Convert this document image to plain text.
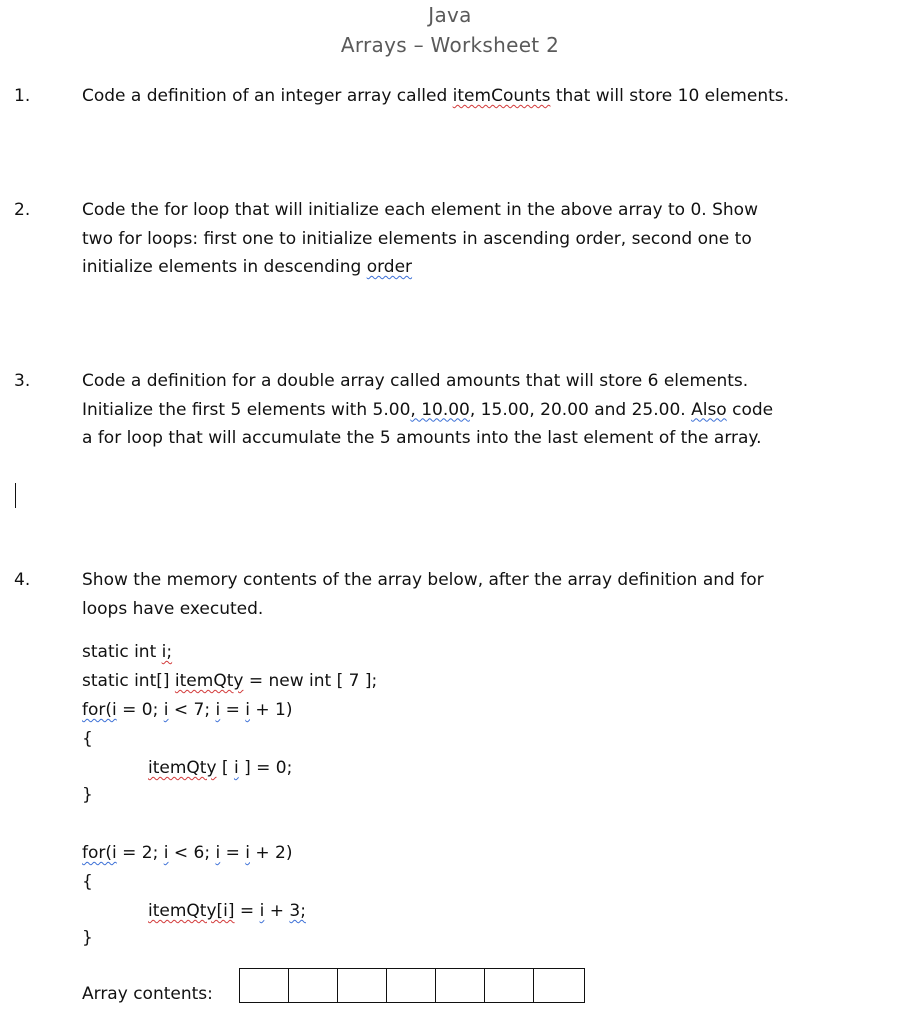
Java
Arrays – Worksheet 2
1.	Code a definition of an integer array called itemCounts that will store 10 elements.
2.	Code the for loop that will initialize each element in the above array to 0. Show
two for loops: first one to initialize elements in ascending order, second one to
initialize elements in descending order
3.	Code a definition for a double array called amounts that will store 6 elements.
Initialize the first 5 elements with 5.00, 10.00, 15.00, 20.00 and 25.00. Also code
a for loop that will accumulate the 5 amounts into the last element of the array.
4.	Show the memory contents of the array below, after the array definition and for
loops have executed.
static int i;
static int[] itemQty = new int [ 7 ];
for(i = 0; i < 7; i = i + 1)
{
itemQty [ i ] = 0;
}
for(i = 2; i < 6; i = i + 2)
{
itemQty[i] = i + 3;
}
Array contents:
